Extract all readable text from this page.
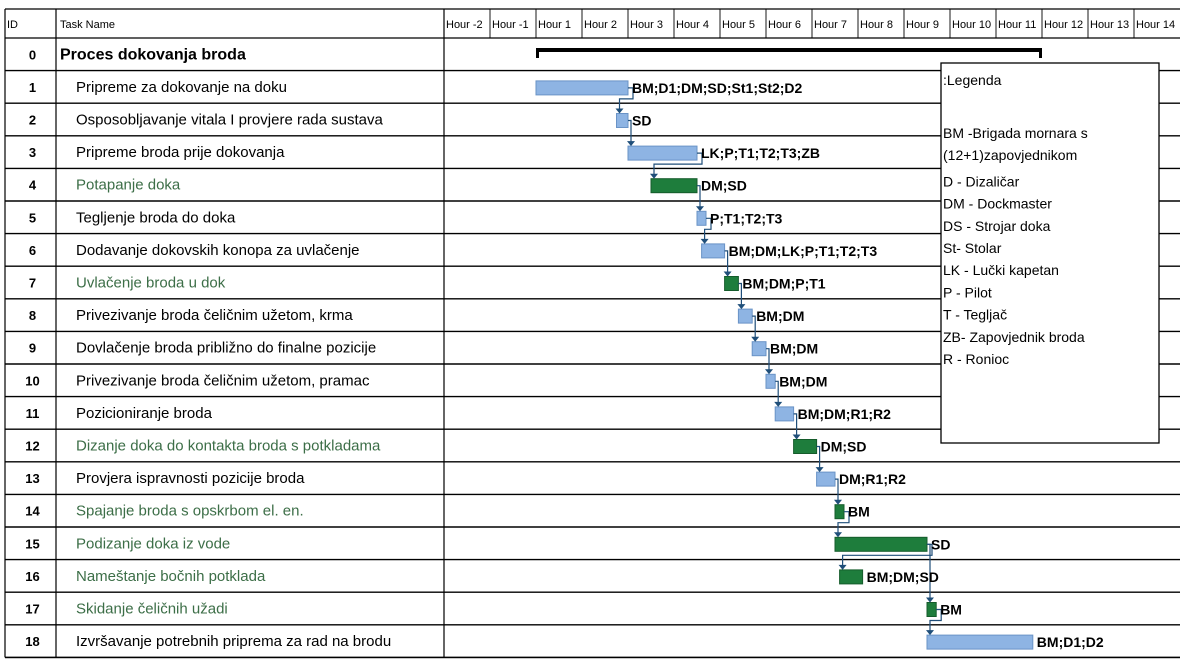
ID	Task Name	Hour -2 Hour -1 Hour 1 Hour 2 Hour 3 Hour 4 Hour 5 Hour 6 Hour 7 Hour 8 Hour 9 Hour 10 Hour 11 Hour 12 Hour 13 Hour 14
0 Proces dokovanja broda
1	Pripreme za dokovanje na doku
2	Osposobljavanje vitala I provjere rada sustava
3	Pripreme broda prije dokovanja
4	Potapanje doka
5	Tegljenje broda do doka
6	Dodavanje dokovskih konopa za uvlačenje
7	Uvlačenje broda u dok
8	Privezivanje broda čeličnim užetom, krma
9	Dovlačenje broda približno do finalne pozicije
10 Privezivanje broda čeličnim užetom, pramac
11 Pozicioniranje broda
12 Dizanje doka do kontakta broda s potkladama
13 Provjera ispravnosti pozicije broda
14 Spajanje broda s opskrbom el. en.
15 Podizanje doka iz vode
16 Nameštanje bočnih potklada
17 Skidanje čeličnih užadi
18 Izvršavanje potrebnih priprema za rad na brodu
BM;D1;DM;SD;St1;St2;D2
SD
LK;P;T1;T2;T3;ZB
DM;SD
P;T1;T2;T3
BM;DM;LK;P;T1;T2;T3
BM;DM;P;T1
BM;DM
BM;DM
BM;DM
BM;DM;R1;R2
DM;SD
DM;R1;R2
BM
SD
BM;DM;SD
BM
BM;D1;D2
:Legenda
BM -Brigada mornara s
(12+1)zapovjednikom
D - Dizaličar
DM - Dockmaster
DS - Strojar doka
St- Stolar
LK - Lučki kapetan
P - Pilot
T - Tegljač
ZB- Zapovjednik broda
R - Ronioc
